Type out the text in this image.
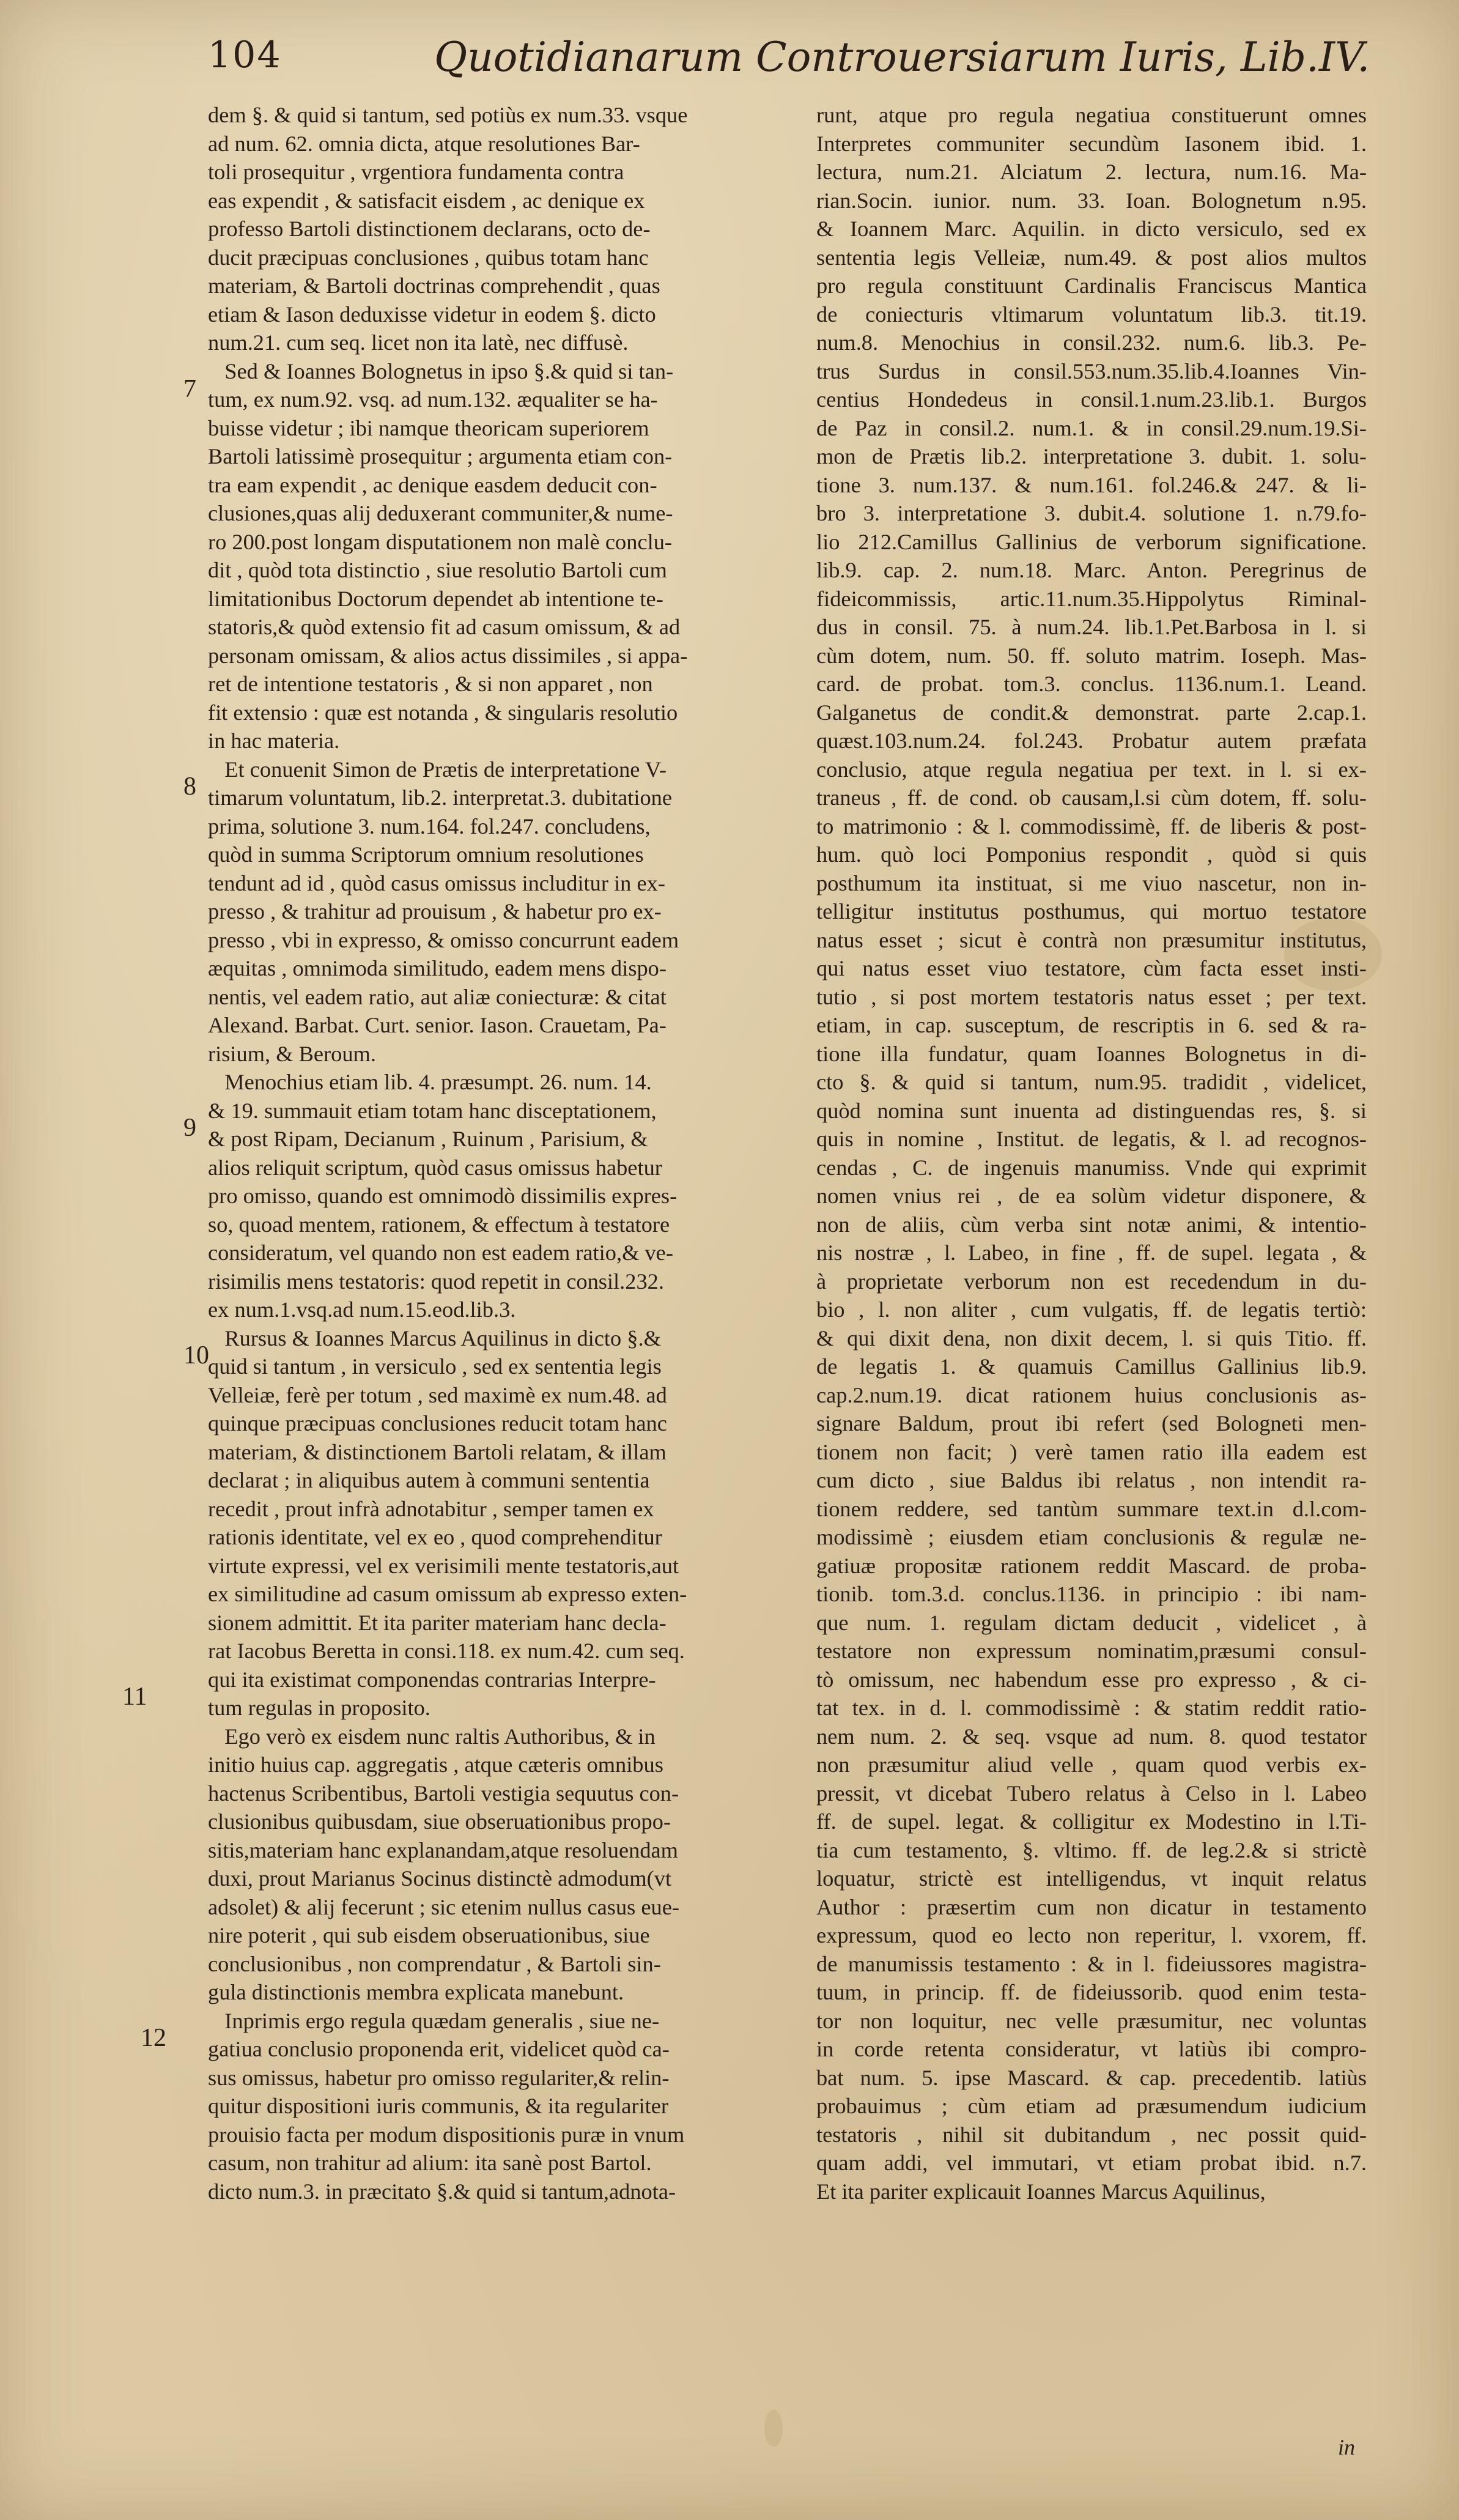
104	Quotidianarum Controuersiarum Iuris, Lib.IV.
7
8
9
10
11
12
dem §. & quid si tantum, sed potiùs ex num.33. vsque
ad num. 62. omnia dicta, atque resolutiones Bar-
toli prosequitur , vrgentiora fundamenta contra
eas expendit , & satisfacit eisdem , ac denique ex
professo Bartoli distinctionem declarans, octo de-
ducit præcipuas conclusiones , quibus totam hanc
materiam, & Bartoli doctrinas comprehendit , quas
etiam & Iason deduxisse videtur in eodem §. dicto
num.21. cum seq. licet non ita latè, nec diffusè.
Sed & Ioannes Bolognetus in ipso §.& quid si tan-
tum, ex num.92. vsq. ad num.132. æqualiter se ha-
buisse videtur ; ibi namque theoricam superiorem
Bartoli latissimè prosequitur ; argumenta etiam con-
tra eam expendit , ac denique easdem deducit con-
clusiones,quas alij deduxerant communiter,& nume-
ro 200.post longam disputationem non malè conclu-
dit , quòd tota distinctio , siue resolutio Bartoli cum
limitationibus Doctorum dependet ab intentione te-
statoris,& quòd extensio fit ad casum omissum, & ad
personam omissam, & alios actus dissimiles , si appa-
ret de intentione testatoris , & si non apparet , non
fit extensio : quæ est notanda , & singularis resolutio
in hac materia.
Et conuenit Simon de Prætis de interpretatione V-
timarum voluntatum, lib.2. interpretat.3. dubitatione
prima, solutione 3. num.164. fol.247. concludens,
quòd in summa Scriptorum omnium resolutiones
tendunt ad id , quòd casus omissus includitur in ex-
presso , & trahitur ad prouisum , & habetur pro ex-
presso , vbi in expresso, & omisso concurrunt eadem
æquitas , omnimoda similitudo, eadem mens dispo-
nentis, vel eadem ratio, aut aliæ coniecturæ: & citat
Alexand. Barbat. Curt. senior. Iason. Crauetam, Pa-
risium, & Beroum.
Menochius etiam lib. 4. præsumpt. 26. num. 14.
& 19. summauit etiam totam hanc disceptationem,
& post Ripam, Decianum , Ruinum , Parisium, &
alios reliquit scriptum, quòd casus omissus habetur
pro omisso, quando est omnimodò dissimilis expres-
so, quoad mentem, rationem, & effectum à testatore
consideratum, vel quando non est eadem ratio,& ve-
risimilis mens testatoris: quod repetit in consil.232.
ex num.1.vsq.ad num.15.eod.lib.3.
Rursus & Ioannes Marcus Aquilinus in dicto §.&
quid si tantum , in versiculo , sed ex sententia legis
Velleiæ, ferè per totum , sed maximè ex num.48. ad
quinque præcipuas conclusiones reducit totam hanc
materiam, & distinctionem Bartoli relatam, & illam
declarat ; in aliquibus autem à communi sententia
recedit , prout infrà adnotabitur , semper tamen ex
rationis identitate, vel ex eo , quod comprehenditur
virtute expressi, vel ex verisimili mente testatoris,aut
ex similitudine ad casum omissum ab expresso exten-
sionem admittit. Et ita pariter materiam hanc decla-
rat Iacobus Beretta in consi.118. ex num.42. cum seq.
qui ita existimat componendas contrarias Interpre-
tum regulas in proposito.
Ego verò ex eisdem nunc raltis Authoribus, & in
initio huius cap. aggregatis , atque cæteris omnibus
hactenus Scribentibus, Bartoli vestigia sequutus con-
clusionibus quibusdam, siue obseruationibus propo-
sitis,materiam hanc explanandam,atque resoluendam
duxi, prout Marianus Socinus distinctè admodum(vt
adsolet) & alij fecerunt ; sic etenim nullus casus eue-
nire poterit , qui sub eisdem obseruationibus, siue
conclusionibus , non comprendatur , & Bartoli sin-
gula distinctionis membra explicata manebunt.
Inprimis ergo regula quædam generalis , siue ne-
gatiua conclusio proponenda erit, videlicet quòd ca-
sus omissus, habetur pro omisso regulariter,& relin-
quitur dispositioni iuris communis, & ita regulariter
prouisio facta per modum dispositionis puræ in vnum
casum, non trahitur ad alium: ita sanè post Bartol.
dicto num.3. in præcitato §.& quid si tantum,adnota-
runt, atque pro regula negatiua constituerunt omnes
Interpretes communiter secundùm Iasonem ibid. 1.
lectura, num.21. Alciatum 2. lectura, num.16. Ma-
rian.Socin. iunior. num. 33. Ioan. Bolognetum n.95.
& Ioannem Marc. Aquilin. in dicto versiculo, sed ex
sententia legis Velleiæ, num.49. & post alios multos
pro regula constituunt Cardinalis Franciscus Mantica
de coniecturis vltimarum voluntatum lib.3. tit.19.
num.8. Menochius in consil.232. num.6. lib.3. Pe-
trus Surdus in consil.553.num.35.lib.4.Ioannes Vin-
centius Hondedeus in consil.1.num.23.lib.1. Burgos
de Paz in consil.2. num.1. & in consil.29.num.19.Si-
mon de Prætis lib.2. interpretatione 3. dubit. 1. solu-
tione 3. num.137. & num.161. fol.246.& 247. & li-
bro 3. interpretatione 3. dubit.4. solutione 1. n.79.fo-
lio 212.Camillus Gallinius de verborum significatione.
lib.9. cap. 2. num.18. Marc. Anton. Peregrinus de
fideicommissis, artic.11.num.35.Hippolytus Riminal-
dus in consil. 75. à num.24. lib.1.Pet.Barbosa in l. si
cùm dotem, num. 50. ff. soluto matrim. Ioseph. Mas-
card. de probat. tom.3. conclus. 1136.num.1. Leand.
Galganetus de condit.& demonstrat. parte 2.cap.1.
quæst.103.num.24. fol.243. Probatur autem præfata
conclusio, atque regula negatiua per text. in l. si ex-
traneus , ff. de cond. ob causam,l.si cùm dotem, ff. solu-
to matrimonio : & l. commodissimè, ff. de liberis & post-
hum. quò loci Pomponius respondit , quòd si quis
posthumum ita instituat, si me viuo nascetur, non in-
telligitur institutus posthumus, qui mortuo testatore
natus esset ; sicut è contrà non præsumitur institutus,
qui natus esset viuo testatore, cùm facta esset insti-
tutio , si post mortem testatoris natus esset ; per text.
etiam, in cap. susceptum, de rescriptis in 6. sed & ra-
tione illa fundatur, quam Ioannes Bolognetus in di-
cto §. & quid si tantum, num.95. tradidit , videlicet,
quòd nomina sunt inuenta ad distinguendas res, §. si
quis in nomine , Institut. de legatis, & l. ad recognos-
cendas , C. de ingenuis manumiss. Vnde qui exprimit
nomen vnius rei , de ea solùm videtur disponere, &
non de aliis, cùm verba sint notæ animi, & intentio-
nis nostræ , l. Labeo, in fine , ff. de supel. legata , &
à proprietate verborum non est recedendum in du-
bio , l. non aliter , cum vulgatis, ff. de legatis tertiò:
& qui dixit dena, non dixit decem, l. si quis Titio. ff.
de legatis 1. & quamuis Camillus Gallinius lib.9.
cap.2.num.19. dicat rationem huius conclusionis as-
signare Baldum, prout ibi refert (sed Bologneti men-
tionem non facit; ) verè tamen ratio illa eadem est
cum dicto , siue Baldus ibi relatus , non intendit ra-
tionem reddere, sed tantùm summare text.in d.l.com-
modissimè ; eiusdem etiam conclusionis & regulæ ne-
gatiuæ propositæ rationem reddit Mascard. de proba-
tionib. tom.3.d. conclus.1136. in principio : ibi nam-
que num. 1. regulam dictam deducit , videlicet , à
testatore non expressum nominatim,præsumi consul-
tò omissum, nec habendum esse pro expresso , & ci-
tat tex. in d. l. commodissimè : & statim reddit ratio-
nem num. 2. & seq. vsque ad num. 8. quod testator
non præsumitur aliud velle , quam quod verbis ex-
pressit, vt dicebat Tubero relatus à Celso in l. Labeo
ff. de supel. legat. & colligitur ex Modestino in l.Ti-
tia cum testamento, §. vltimo. ff. de leg.2.& si strictè
loquatur, strictè est intelligendus, vt inquit relatus
Author : præsertim cum non dicatur in testamento
expressum, quod eo lecto non reperitur, l. vxorem, ff.
de manumissis testamento : & in l. fideiussores magistra-
tuum, in princip. ff. de fideiussorib. quod enim testa-
tor non loquitur, nec velle præsumitur, nec voluntas
in corde retenta consideratur, vt latiùs ibi compro-
bat num. 5. ipse Mascard. & cap. precedentib. latiùs
probauimus ; cùm etiam ad præsumendum iudicium
testatoris , nihil sit dubitandum , nec possit quid-
quam addi, vel immutari, vt etiam probat ibid. n.7.
Et ita pariter explicauit Ioannes Marcus Aquilinus,
in
